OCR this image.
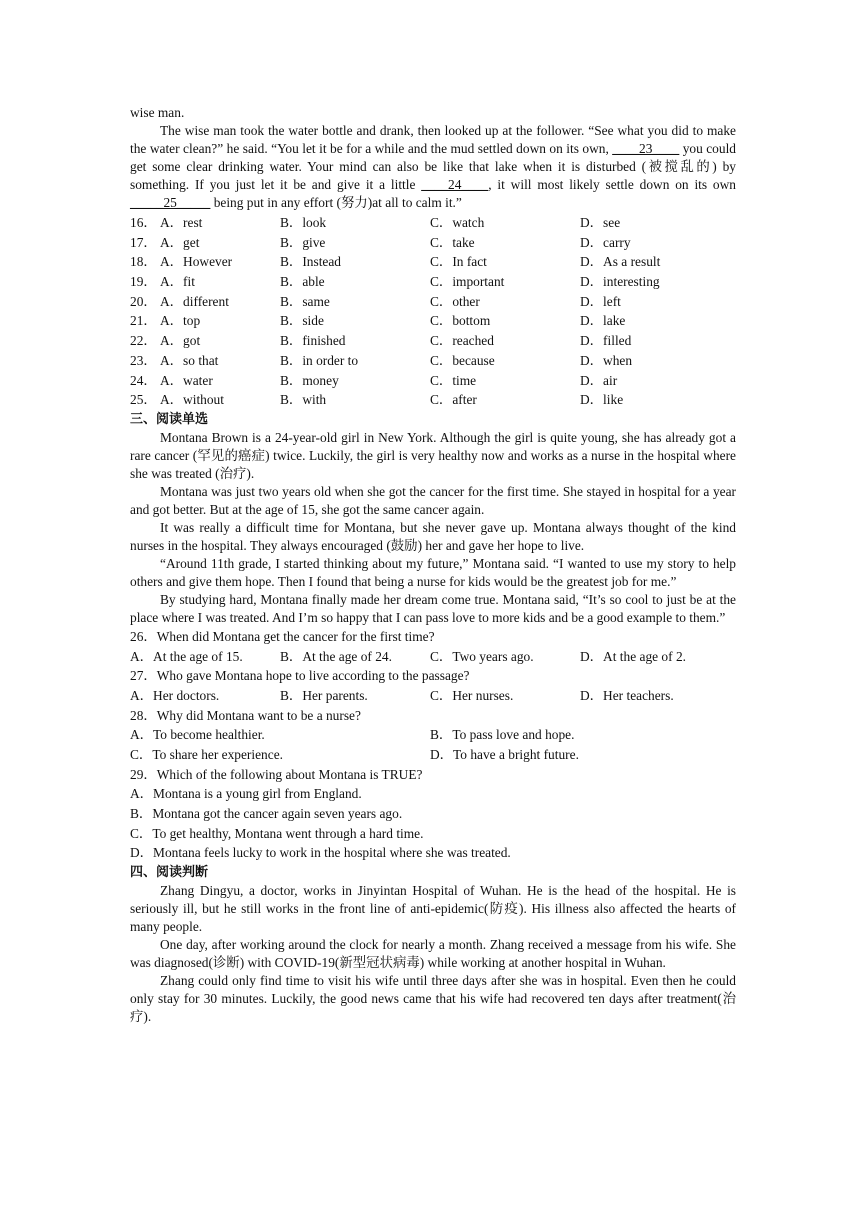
wise man.

The wise man took the water bottle and drank, then looked up at the follower. “See what you did to make the water clean?” he said. “You let it be for a while and the mud settled down on its own, ____23____ you could get some clear drinking water. Your mind can also be like that lake when it is disturbed (被搅乱的) by something. If you just let it be and give it a little ____24____, it will most likely settle down on its own _____25_____ being put in any effort (努力)at all to calm it.”

16． A．rest	B．look	C．watch	D．see
17． A．get	B．give	C．take	D．carry
18． A．However	B．Instead	C．In fact	D．As a result
19． A．fit	B．able	C．important	D．interesting
20． A．different	B．same	C．other	D．left
21． A．top	B．side	C．bottom	D．lake
22． A．got	B．finished	C．reached	D．filled
23． A．so that	B．in order to	C．because	D．when
24． A．water	B．money	C．time	D．air
25． A．without	B．with	C．after	D．like
三、阅读单选

Montana Brown is a 24-year-old girl in New York. Although the girl is quite young, she has already got a rare cancer (罕见的癌症) twice. Luckily, the girl is very healthy now and works as a nurse in the hospital where she was treated (治疗).

Montana was just two years old when she got the cancer for the first time. She stayed in hospital for a year and got better. But at the age of 15, she got the same cancer again.

It was really a difficult time for Montana, but she never gave up. Montana always thought of the kind nurses in the hospital. They always encouraged (鼓励) her and gave her hope to live.

“Around 11th grade, I started thinking about my future,” Montana said. “I wanted to use my story to help others and give them hope. Then I found that being a nurse for kids would be the greatest job for me.”

By studying hard, Montana finally made her dream come true. Montana said, “It’s so cool to just be at the place where I was treated. And I’m so happy that I can pass love to more kids and be a good example to them.”

26．When did Montana get the cancer for the first time?
A．At the age of 15.	B．At the age of 24.	C．Two years ago.	D．At the age of 2.
27．Who gave Montana hope to live according to the passage?
A．Her doctors.	B．Her parents.	C．Her nurses.	D．Her teachers.
28．Why did Montana want to be a nurse?
A．To become healthier.	B．To pass love and hope.
C．To share her experience.	D．To have a bright future.
29．Which of the following about Montana is TRUE?
A．Montana is a young girl from England.
B．Montana got the cancer again seven years ago.
C．To get healthy, Montana went through a hard time.
D．Montana feels lucky to work in the hospital where she was treated.
四、阅读判断

Zhang Dingyu, a doctor, works in Jinyintan Hospital of Wuhan. He is the head of the hospital. He is seriously ill, but he still works in the front line of anti-epidemic(防疫). His illness also affected the hearts of many people.

One day, after working around the clock for nearly a month. Zhang received a message from his wife. She was diagnosed(诊断) with COVID-19(新型冠状病毒) while working at another hospital in Wuhan.

Zhang could only find time to visit his wife until three days after she was in hospital. Even then he could only stay for 30 minutes. Luckily, the good news came that his wife had recovered ten days after treatment(治疗).
